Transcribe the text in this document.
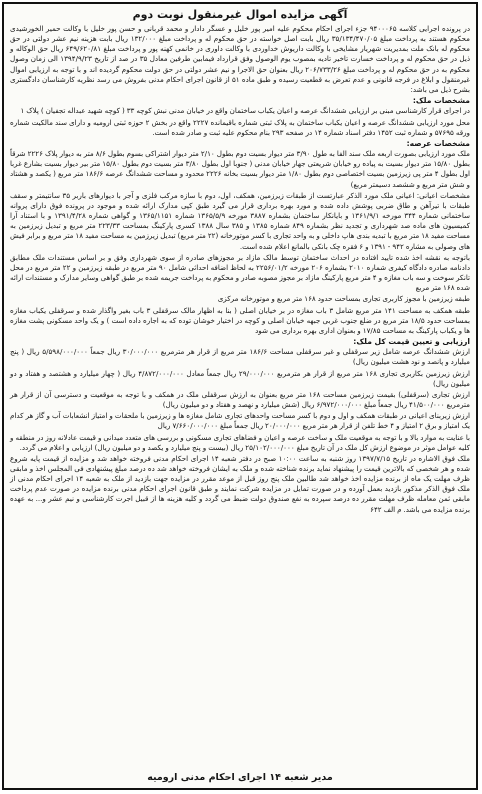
آگهی مزایده اموال غیرمنقول نوبت دوم

در پرونده اجرایی کلاسه ۹۴۰۰۰۶۵ جزء اجرای احکام محکوم علیه امیر پور خلیل و عسگر دادار و محمد قربانی و حسن پور خلیل با وکالت حمیر الخورشیدی محکوم هستند به پرداخت مبلغ ۳۵/۱۳۴/۴۷۰/۰۵ ریال بابت اصل خواسته در حق محکوم له و پرداخت مبلغ ۱۳۲/۰۰۰ ریال بابت هزینه نیم عشر دولتی در حق محکوم له بانک ملت بمدیریت شهریار مشایخی با وکالت داریوش خداوردی با وکالت داوری در خانمی کهنه پور و پرداخت مبلغ ۶۴۹/۶۲۰/۸۱ ریال حق الوکاله و ذیل در حق محکوم له و پرداخت خسارت تاخیر تادیه بمصوب یوم الوصول وفق قرارداد فیمابین طرفین معادل ۳۵ در صد از تاریخ ۱۳۹۴/۹/۲۳ الی زمان وصول محکوم به در حق محکوم له و پرداخت مبلغ ۲۰۶/۷۳۳/۲۶ ریال بعنوان حق الاجرا و نیم عشر دولتی در حق دولت محکوم گردیده اند و با توجه به ارزیابی اموال غیرمنقول و ابلاغ در فرجه قانونی و عدم تعرض به قطعیت رسیده و طبق ماده ۵۱ از قانون اجرای احکام مدنی بفروش می رسد نظریه کارشناسان دادگستری بشرح ذیل می باشد:

مشخصات ملک:

در اجرای قرار کارشناسی مبنی بر ارزیابی ششدانگ عرصه و اعیان یکباب ساختمان واقع در خیابان مدنی نبش کوچه ۳۳ ( کوچه شهید عبداله تجفیان ) پلاک ۱

محل مورد ارزیابی ششدانگ عرصه و اعیان یکباب ساختمان به پلاک ثبتی شماره باقیمانده ۲۲۲۷ واقع در بخش ۲ حوزه ثبتی ارومیه و دارای سند مالکیت شماره ورقه ۵۷۶۹۵ و شماره ثبت ۱۴۵۲ دفتر اسناد شماره ۱۴ در صفحه ۲۹۳ بنام محکوم علیه ثبت و صادر شده است.

مشخصات عرصه:

ملک مورد ارزیابی بصورت اربعه ملک سند الفا به طول ۳/۹۰ متر دیوار بسیت دوم بطول ۲/۱۰ متر دیوار اشتراکی بسوم بطول ۸/۶ متر به دیوار پلاک ۲۲۲۶ شرقاً بطول ۱۵/۸۰ متر دیوار بسیت به پیاده رو خیابان شریعتی جهار خیابان مدنی ( جنوبا اول بطول ۳/۸۰ متر بسیت دوم بطول ۱۵/۸۰ متر بیر دیوار بسیت بشارع غربا اول بطول ۴ متر پی زیرزمین بسیت اختصاصی دوم بطول ۱/۸۰ متر دیوار بسیت بخانه ۲۲۲۶ محدود و مساحت ششدانگ عرصه ۱۸۶/۶ متر مربع ( یکصد و هشتاد و شش متر مربع و ششصد دسیمتر مربع)

مشخصات اعیانی: اعیانی ملک مورد الذکر عبارتست از طبقات زیرزمین، همکف، اول، دوم با سازه مرکب فلزی و آجر با دیوارهای باربر ۳۵ سانتیمتر و سقف طبقات با تیرآهن و طاق ضربی پوشش داده شده و مورد بهره برداری قرار می گیرد طبق کپی مدارک ارائه شده و موجود در پرونده فوق دارای پروانه ساختمانی شماره ۳۴۴ مورخه ۱۳۶۱/۹/۱ و بایانکار ساختمان بشماره ۳۸۸۷ مورخه ۱۳۶۵/۵/۹ شماره ۱۳۶۵/۱۱۵۱ و گواهی شماره ۱۳۹۱/۴/۲۸ و با استناد آرا کمیسیون های ماده صد شهرداری و تجدید نظر بشماره ۸۴۹ شماره ۱۳۸۵ و ۳۸۵ سال ۱۳۸۸ کسری پارکینگ بمساحت ۲۲۳/۳۳ متر مربع و تبدیل زیرزمین به مساحت مفید ۱۸ متر مربع با تبدیه بندی هاپ داخلی و به واحد تجاری با کسر موتورخانه (۲۲ متر مربع) تبدیل زیرزمین به مساحت مفید ۱۸ متر مربع و برابر فیش های وصولی به مشاره ۹۴۲ - ۱۳۹۱ و ۶ فقره چک بانکی بالمانع اعلام شده است.

باتوجه به نقشه اخذ شده تایید افتاده در احداث ساختمان توسط مالک مازاد بر مجوزهای صادره از سوی شهرداری وفق و بر اساس مستندات ملک مطابق دادنامه صادره دادگاه کیفری شماره ۲۰۱۰ بشماره ۲۰۶ مورخه ۲۲۵۶/۰۱/۲ به لحاظ اضافه احداثی شامل ۹۰ متر مربع در طبقه زیرزمین و ۲۲ متر مربع در محل تانکر سوخت و سه باب مغازه و ۴ متر مربع پارکینگ مازاد بر مجوز مصوبه صادر و محکوم به پرداخت جریمه شده بر طبق گواهی وسایر مدارک و مستندات ارائه شده ۱۶۸ متر مربع

طبقه زیرزمین با مجوز کاربری تجاری بمساحت حدود ۱۶۸ متر مربع و موتورخانه مرکزی

طبقه همکف به مساحت ۱۴۱ متر مربع شامل ۳ باب مغازه در بر خیابان اصلی ( بنا به اظهار مالک سرقفلی ۳ باب بغیر واگذار شده و سرقفلی یکباب مغازه بمساحت حدود ۱۸/۵ متر مربع در ضلع جنوب غربی جبهه خیابان اصلی و کوچه در اختیار خوشان توده که به اجاره داده است ) و یک واحد مسکونی پشت مغازه ها و یکباب پارکینگ به مساحت ۱۷/۸۵ و بعنوان اداری بهره برداری می شود

ارزیابی و تعیین قیمت کل ملک:

ارزش ششدانگ عرصه شامل زیر سرقفلی و غیر سرقفلی مساحت ۱۸۶/۶ متر مربع از قرار هر مترمربع ۳۰/۰۰۰/۰۰۰ ریال جمعاً ۵/۵۹۸/۰۰۰/۰۰۰ ریال ( پنج میلیارد و پانصد و نود هشت میلیون ریال)

ارزش زیرزمین بکاربری تجاری ۱۶۸ متر مربع از قرار هر مترمربع ۲۹/۰۰۰/۰۰۰ ریال جمعاً معادل ۴/۸۷۲/۰۰۰/۰۰۰ ریال ( چهار میلیارد و هشتصد و هفتاد و دو میلیون ریال)

ارزش تجاری (سرقفلی) بقیمت زیرزمین مساحت ۱۶۸ متر مربع بعنوان به ارزش سرقفلی ملک در همکف و با توجه به موقعیت و دسترسی آن از قرار هر مترمربع ۴۱/۵۰۰/۰۰۰ ریال جمعاً مبلغ ۶/۹۷۲/۰۰۰/۰۰۰ ریال (شش میلیارد و نهصد و هفتاد و دو میلیون ریال)

ارزش زیربنای اعیانی در طبقات همکف و اول و دوم با کسر مساحت واحدهای تجاری شامل مغازه ها و زیرزمین با ملحقات و امتیاز انشعابات آب و گاز هر کدام یک امتیاز و برق ۲ امتیاز و ۴ خط تلفن از قرار هر متر مربع ۲۰/۰۰۰/۰۰۰ ریال جمعاً مبلغ ۷/۶۶۰/۰۰۰/۰۰۰ ریال

با عنایت به موارد بالا و با توجه به موقعیت ملک و ساخت عرصه و اعیان و فضاهای تجاری مسکونی و بررسی های متعدد میدانی و قیمت عادلانه روز در منطقه و کلیه عوامل موثر در موضوع ارزش کل ملک در آن تاریخ مبلغ ۲۵/۱۰۲/۰۰۰/۰۰۰ ریال (بیست و پنج میلیارد و یکصد و دو میلیون ریال) ارزیابی و اعلام می گردد.

ملک فوق الاشاره در تاریخ ۱۳۹۷/۷/۱۵ روز شنبه به ساعت ۱۰:۰۰ صبح در دفتر شعبه ۱۴ اجرای احکام مدنی فروخته خواهد شد و مزایده از قیمت پایه شروع شده و هر شخصی که بالاترین قیمت را پیشنهاد نماید برنده شناخته شده و ملک به ایشان فروخته خواهد شد ده درصد مبلغ پیشنهادی فی المجلس اخذ و مابقی ظرف مهلت یک ماه از برنده مزایده اخذ خواهد شد طالبین ملک پنج روز قبل از موعد مقرر در مزایده جهت بازدید از ملک به شعبه ۱۴ اجرای احکام مدنی از ملک فوق الذکر مذکور بازدید بعمل آورده و در صورت تمایل در مزایده شرکت نمایند و طبق قانون اجرای احکام مدنی برنده مزایده در صورت عدم پرداخت مابقی ثمن معامله ظرف مهلت مقرر ده درصد سپرده به نفع صندوق دولت ضبط می گردد و کلیه هزینه ها از قبیل اجرت کارشناسی و نیم عشر و... به عهده برنده مزایده می باشد. م الف ۶۴۲

مدیر شعبه ۱۴ اجرای احکام مدنی ارومیه
